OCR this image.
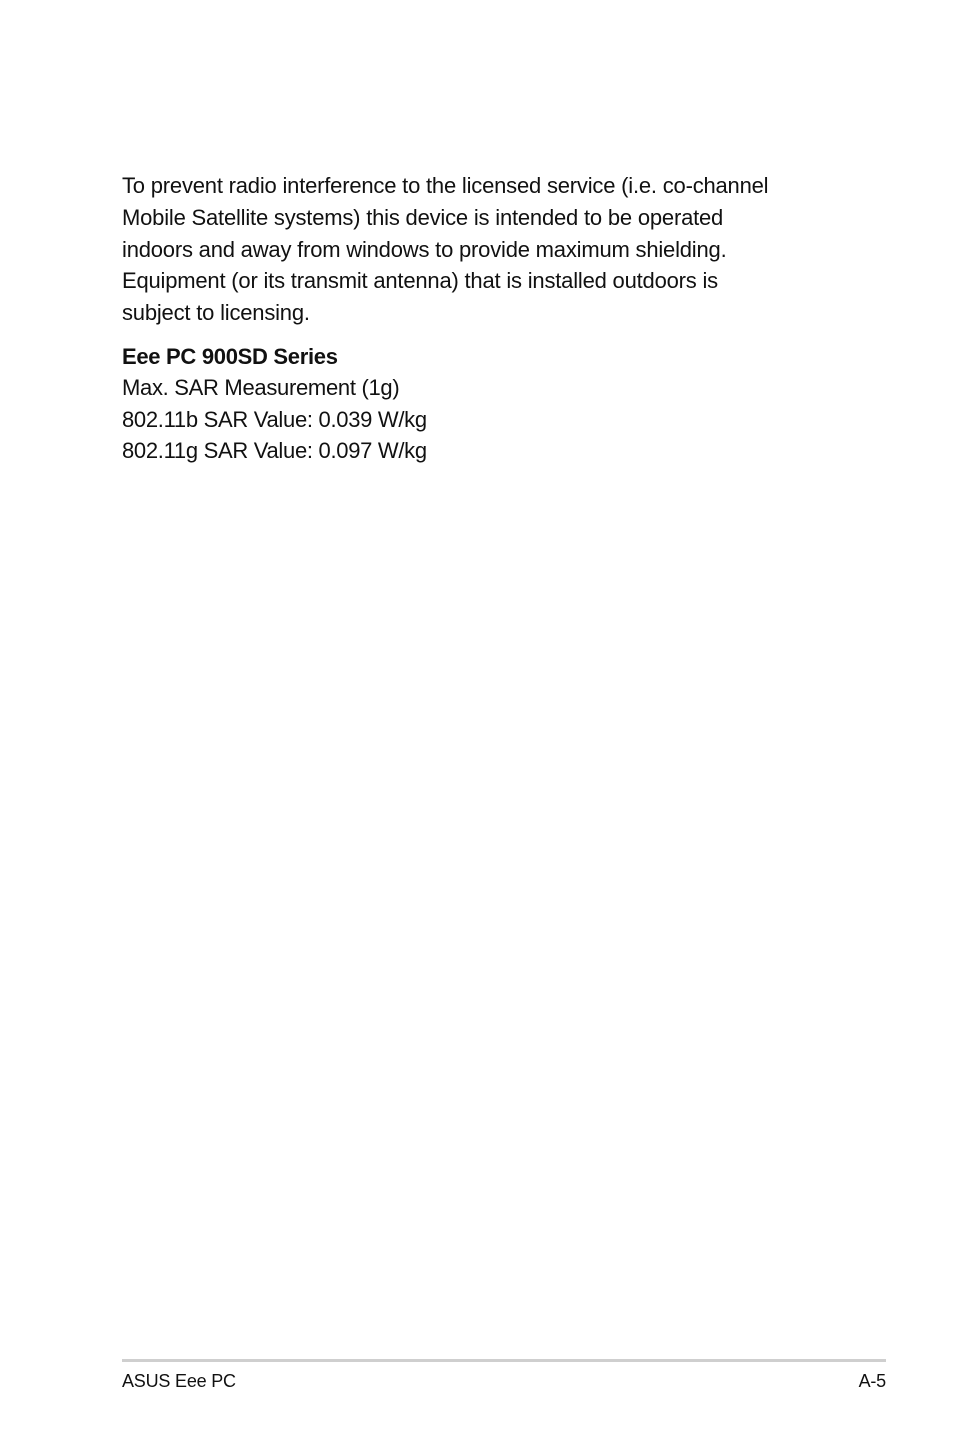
To prevent radio interference to the licensed service (i.e. co-channel
Mobile Satellite systems) this device is intended to be operated
indoors and away from windows to provide maximum shielding.
Equipment (or its transmit antenna) that is installed outdoors is
subject to licensing.

Eee PC 900SD Series

Max. SAR Measurement (1g)

802.11b SAR Value: 0.039 W/kg

802.11g SAR Value: 0.097 W/kg

ASUS Eee PC	A-5
